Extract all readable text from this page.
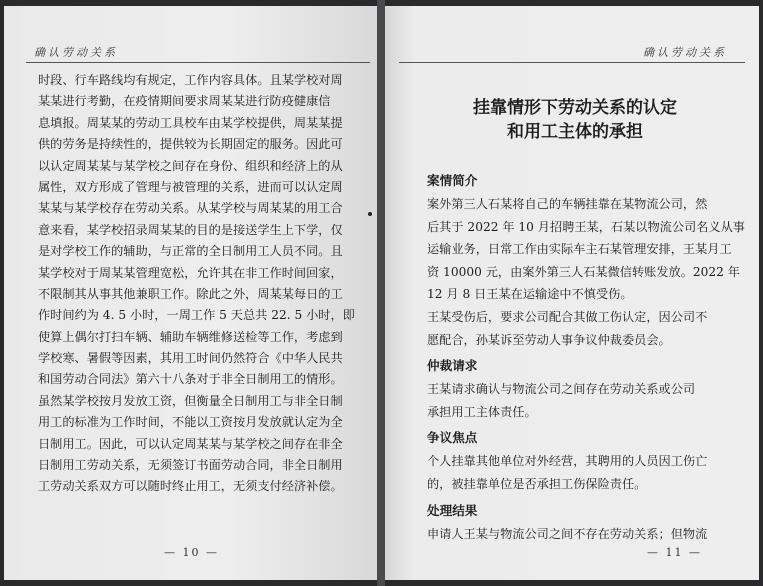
确认劳动关系
时段、行车路线均有规定，工作内容具体。且某学校对周
某某进行考勤，在疫情期间要求周某某进行防疫健康信
息填报。周某某的劳动工具校车由某学校提供，周某某提
供的劳务是持续性的，提供较为长期固定的服务。因此可
以认定周某某与某学校之间存在身份、组织和经济上的从
属性，双方形成了管理与被管理的关系，进而可以认定周
某某与某学校存在劳动关系。从某学校与周某某的用工合
意来看，某学校招录周某某的目的是接送学生上下学，仅
是对学校工作的辅助，与正常的全日制用工人员不同。且
某学校对于周某某管理宽松，允许其在非工作时间回家，
不限制其从事其他兼职工作。除此之外，周某某每日的工
作时间约为 4. 5 小时，一周工作 5 天总共 22. 5 小时，即
使算上偶尔打扫车辆、辅助车辆维修送检等工作，考虑到
学校寒、暑假等因素，其用工时间仍然符合《中华人民共
和国劳动合同法》第六十八条对于非全日制用工的情形。
虽然某学校按月发放工资，但衡量全日制用工与非全日制
用工的标准为工作时间，不能以工资按月发放就认定为全
日制用工。因此，可以认定周某某与某学校之间存在非全
日制用工劳动关系，无须签订书面劳动合同，非全日制用
工劳动关系双方可以随时终止用工，无须支付经济补偿。
— 10 —
确认劳动关系
挂靠情形下劳动关系的认定
和用工主体的承担
案情简介
案外第三人石某将自己的车辆挂靠在某物流公司，然
后其于 2022 年 10 月招聘王某，石某以物流公司名义从事
运输业务，日常工作由实际车主石某管理安排，王某月工
资 10000 元，由案外第三人石某微信转账发放。2022 年
12 月 8 日王某在运输途中不慎受伤。
王某受伤后，要求公司配合其做工伤认定，因公司不
愿配合，孙某诉至劳动人事争议仲裁委员会。
仲裁请求
王某请求确认与物流公司之间存在劳动关系或公司
承担用工主体责任。
争议焦点
个人挂靠其他单位对外经营，其聘用的人员因工伤亡
的，被挂靠单位是否承担工伤保险责任。
处理结果
申请人王某与物流公司之间不存在劳动关系；但物流
— 11 —
